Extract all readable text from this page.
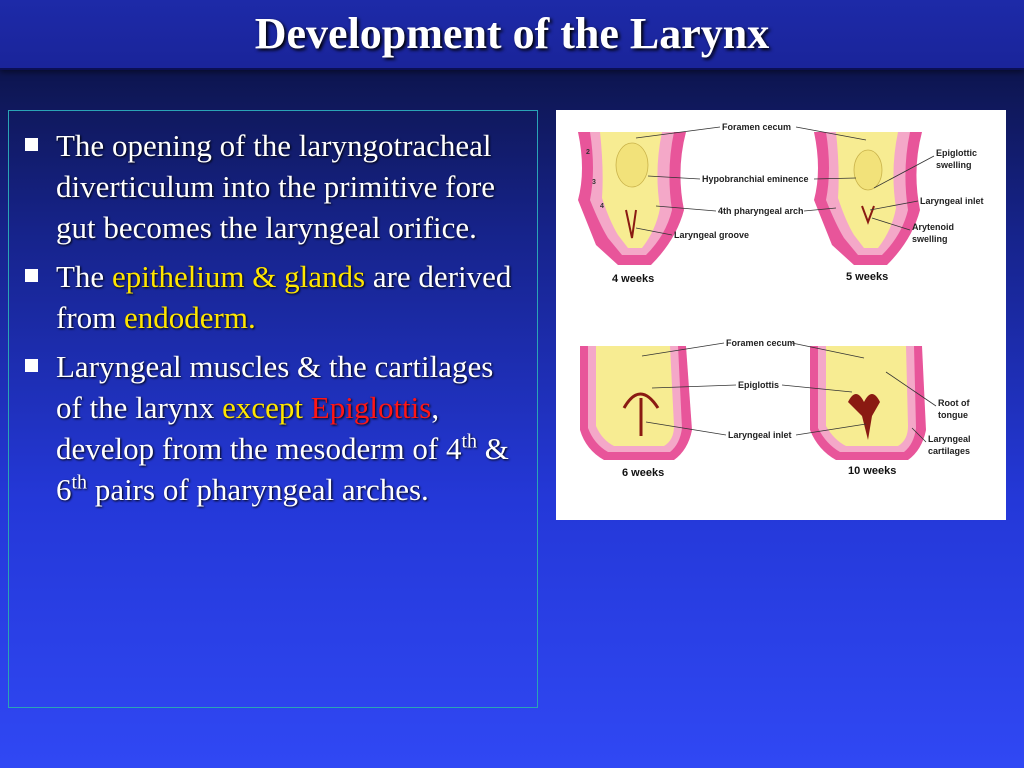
Development of the Larynx
The opening of the laryngotracheal diverticulum into the primitive fore gut becomes the laryngeal orifice.
The epithelium & glands are derived from endoderm.
Laryngeal muscles & the cartilages of the larynx except Epiglottis, develop from the mesoderm of 4th & 6th pairs of pharyngeal arches.
2
3
4
4 weeks	5 weeks
Foramen cecum
Hypobranchial eminence
4th pharyngeal arch
Laryngeal groove
Epiglottic
swelling
Laryngeal inlet
Arytenoid
swelling
6 weeks	10 weeks
Foramen cecum
Epiglottis
Laryngeal inlet
Root of
tongue
Laryngeal
cartilages
